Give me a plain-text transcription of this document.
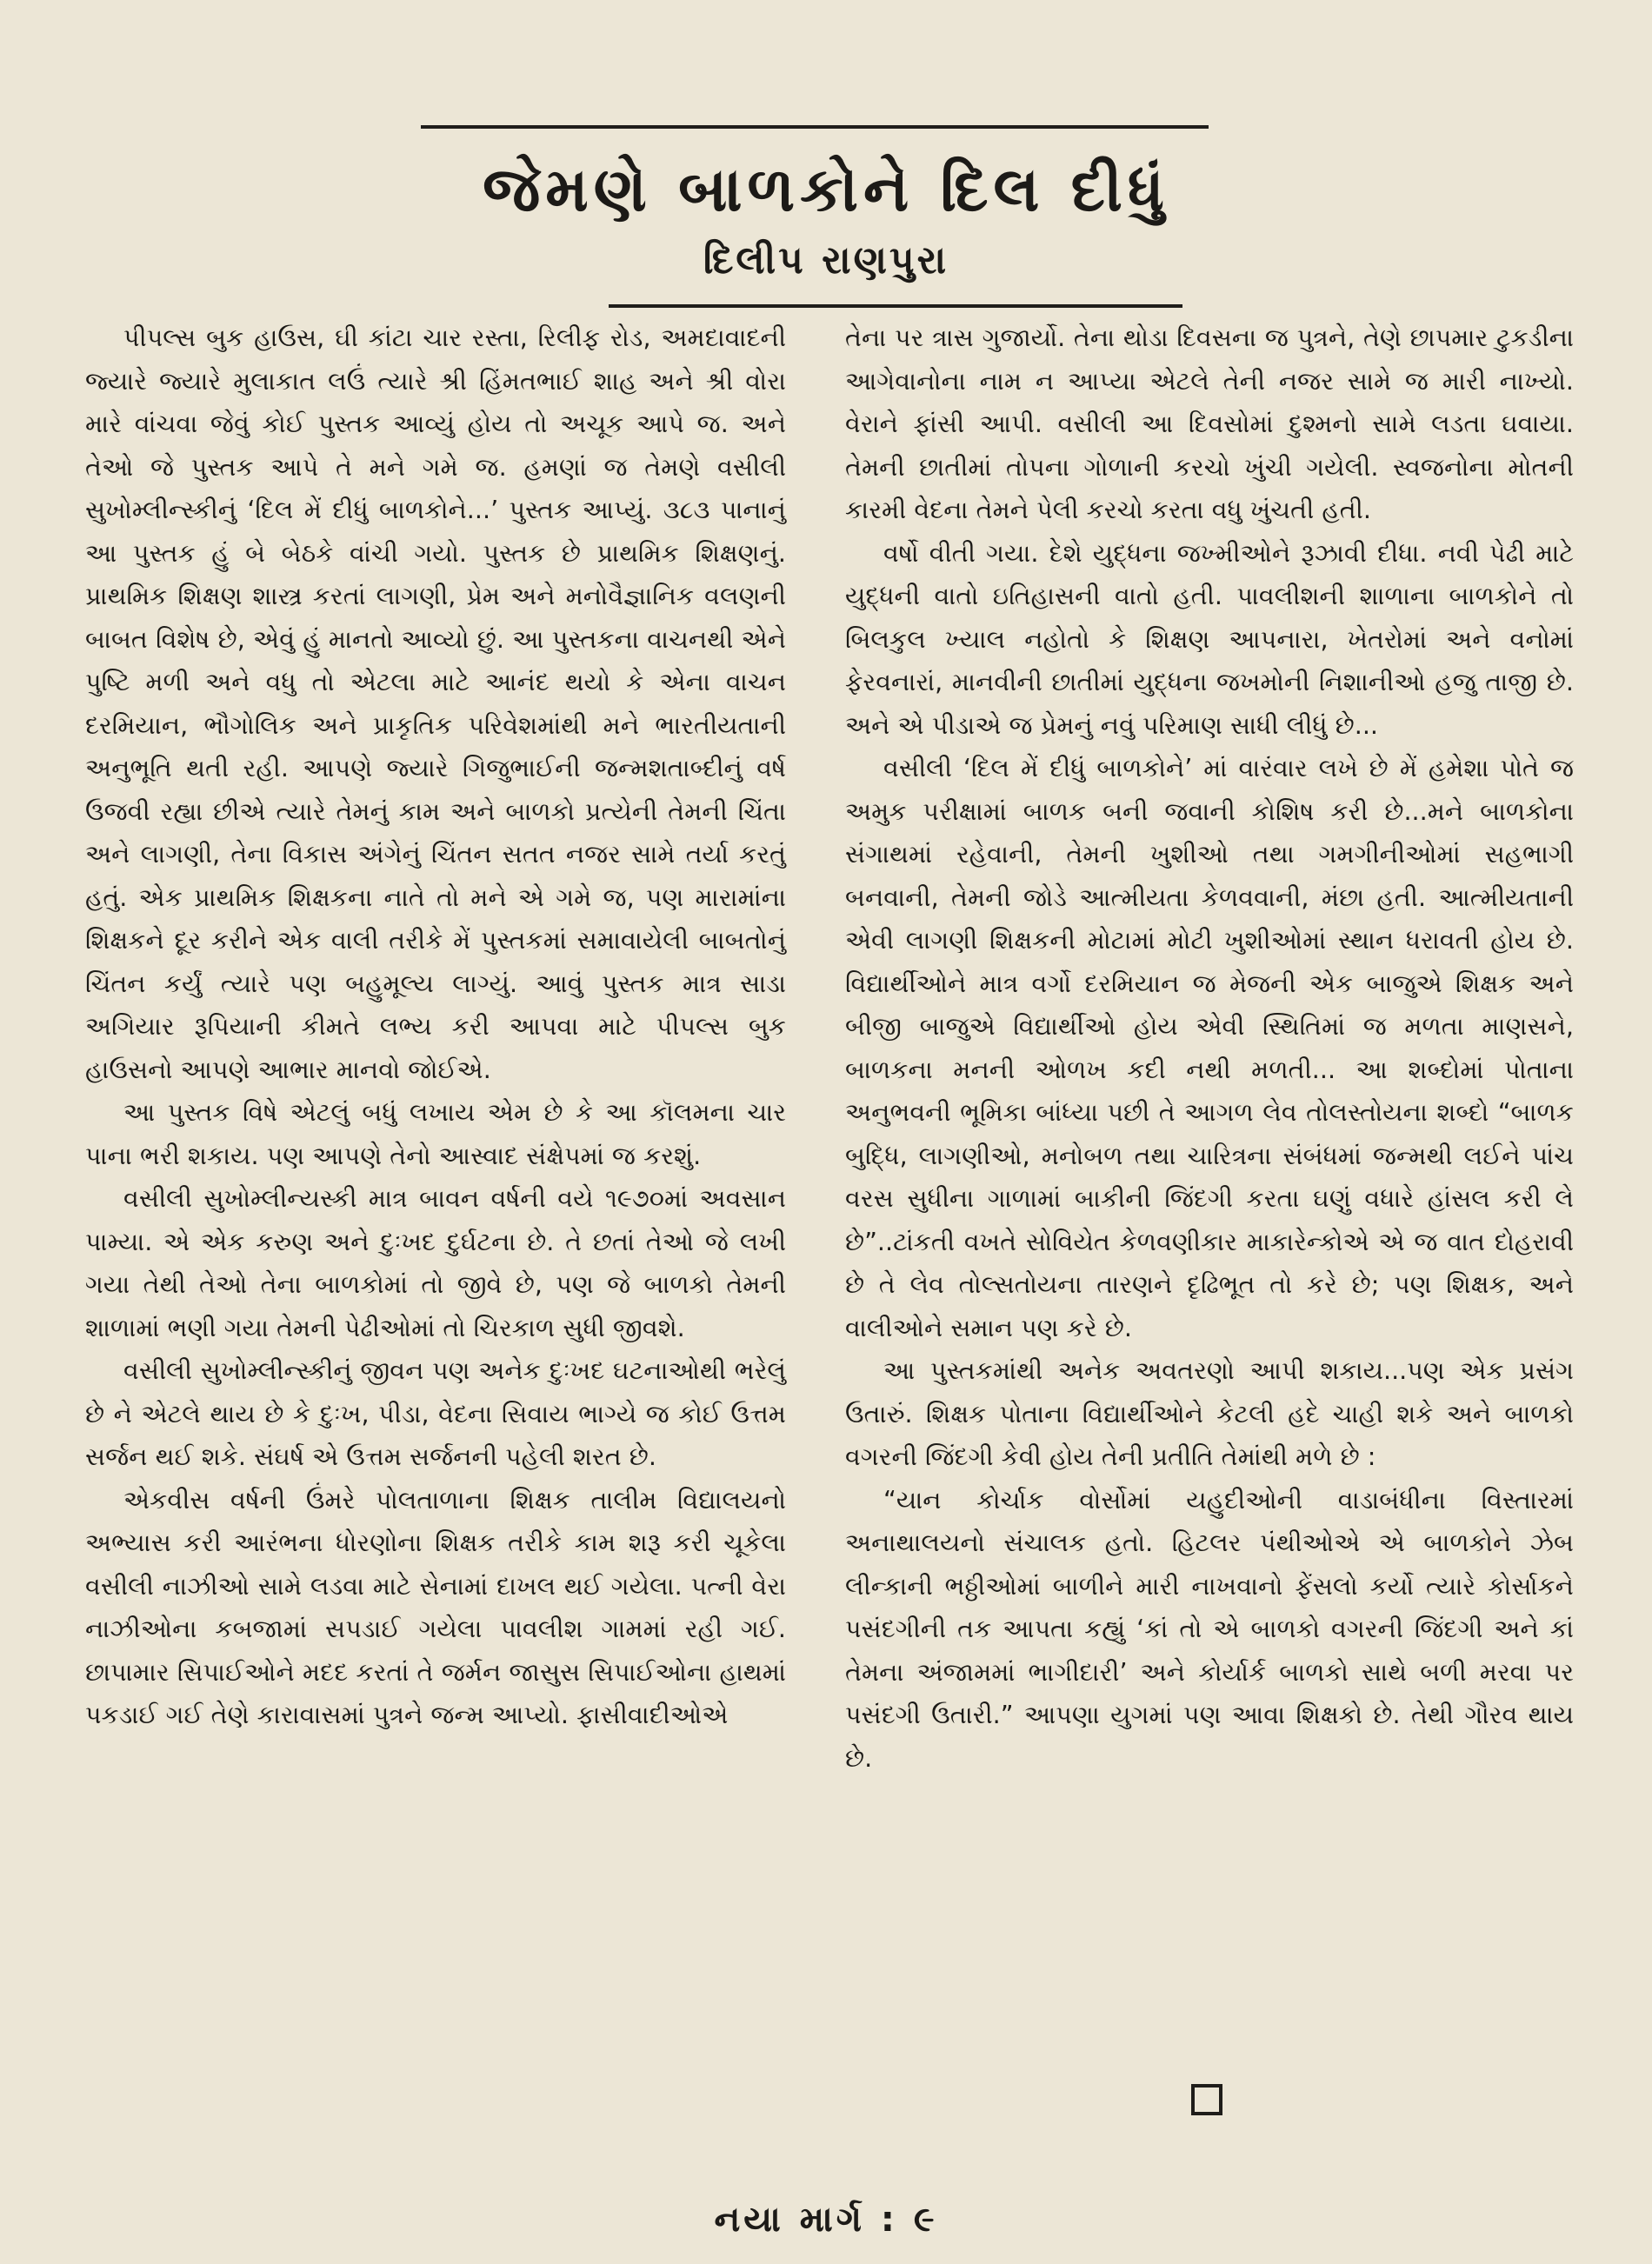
જેમણે બાળકોને દિલ દીધું
દિલીપ રાણપુરા

પીપલ્સ બુક હાઉસ, ઘી કાંટા ચાર રસ્તા, રિલીફ રોડ, અમદાવાદની જ્યારે જ્યારે મુલાકાત લઉં ત્યારે શ્રી હિંમતભાઈ શાહ અને શ્રી વોરા મારે વાંચવા જેવું કોઈ પુસ્તક આવ્યું હોય તો અચૂક આપે જ. અને તેઓ જે પુસ્તક આપે તે મને ગમે જ. હમણાં જ તેમણે વસીલી સુખોમ્લીન્સ્કીનું ‘દિલ મેં દીધું બાળકોને...’ પુસ્તક આપ્યું. ૩૮૩ પાનાનું આ પુસ્તક હું બે બેઠકે વાંચી ગયો. પુસ્તક છે પ્રાથમિક શિક્ષણનું. પ્રાથમિક શિક્ષણ શાસ્ત્ર કરતાં લાગણી, પ્રેમ અને મનોવૈજ્ઞાનિક વલણની બાબત વિશેષ છે, એવું હું માનતો આવ્યો છું. આ પુસ્તકના વાચનથી એને પુષ્ટિ મળી અને વધુ તો એટલા માટે આનંદ થયો કે એના વાચન દરમિયાન, ભૌગોલિક અને પ્રાકૃતિક પરિવેશમાંથી મને ભારતીયતાની અનુભૂતિ થતી રહી. આપણે જ્યારે ગિજુભાઈની જન્મશતાબ્દીનું વર્ષ ઉજવી રહ્યા છીએ ત્યારે તેમનું કામ અને બાળકો પ્રત્યેની તેમની ચિંતા અને લાગણી, તેના વિકાસ અંગેનું ચિંતન સતત નજર સામે તર્યા કરતું હતું. એક પ્રાથમિક શિક્ષકના નાતે તો મને એ ગમે જ, પણ મારામાંના શિક્ષકને દૂર કરીને એક વાલી તરીકે મેં પુસ્તકમાં સમાવાયેલી બાબતોનું ચિંતન કર્યું ત્યારે પણ બહુમૂલ્ય લાગ્યું. આવું પુસ્તક માત્ર સાડા અગિયાર રૂપિયાની કીમતે લભ્ય કરી આપવા માટે પીપલ્સ બુક હાઉસનો આપણે આભાર માનવો જોઈએ.

આ પુસ્તક વિષે એટલું બધું લખાય એમ છે કે આ કૉલમના ચાર પાના ભરી શકાય. પણ આપણે તેનો આસ્વાદ સંક્ષેપમાં જ કરશું.

વસીલી સુખોમ્લીન્યસ્કી માત્ર બાવન વર્ષની વયે ૧૯૭૦માં અવસાન પામ્યા. એ એક કરુણ અને દુઃખદ દુર્ઘટના છે. તે છતાં તેઓ જે લખી ગયા તેથી તેઓ તેના બાળકોમાં તો જીવે છે, પણ જે બાળકો તેમની શાળામાં ભણી ગયા તેમની પેઢીઓમાં તો ચિરકાળ સુધી જીવશે.

વસીલી સુખોમ્લીન્સ્કીનું જીવન પણ અનેક દુઃખદ ઘટનાઓથી ભરેલું છે ને એટલે થાય છે કે દુઃખ, પીડા, વેદના સિવાય ભાગ્યે જ કોઈ ઉત્તમ સર્જન થઈ શકે. સંઘર્ષ એ ઉત્તમ સર્જનની પહેલી શરત છે.

એકવીસ વર્ષની ઉંમરે પોલતાળાના શિક્ષક તાલીમ વિદ્યાલયનો અભ્યાસ કરી આરંભના ધોરણોના શિક્ષક તરીકે કામ શરૂ કરી ચૂકેલા વસીલી નાઝીઓ સામે લડવા માટે સેનામાં દાખલ થઈ ગયેલા. પત્ની વેરા નાઝીઓના કબજામાં સપડાઈ ગયેલા પાવલીશ ગામમાં રહી ગઈ. છાપામાર સિપાઈઓને મદદ કરતાં તે જર્મન જાસુસ સિપાઈઓના હાથમાં પકડાઈ ગઈ તેણે કારાવાસમાં પુત્રને જન્મ આપ્યો. ફાસીવાદીઓએ

તેના પર ત્રાસ ગુજાર્યો. તેના થોડા દિવસના જ પુત્રને, તેણે છાપમાર ટુકડીના આગેવાનોના નામ ન આપ્યા એટલે તેની નજર સામે જ મારી નાખ્યો. વેરાને ફાંસી આપી. વસીલી આ દિવસોમાં દુશ્મનો સામે લડતા ઘવાયા. તેમની છાતીમાં તોપના ગોળાની કરચો ખુંચી ગયેલી. સ્વજનોના મોતની કારમી વેદના તેમને પેલી કરચો કરતા વધુ ખુંચતી હતી.

વર્ષો વીતી ગયા. દેશે યુદ્ધના જખ્મીઓને રૂઝાવી દીધા. નવી પેઢી માટે યુદ્ધની વાતો ઇતિહાસની વાતો હતી. પાવલીશની શાળાના બાળકોને તો બિલકુલ ખ્યાલ નહોતો કે શિક્ષણ આપનારા, ખેતરોમાં અને વનોમાં ફેરવનારાં, માનવીની છાતીમાં યુદ્ધના જખમોની નિશાનીઓ હજુ તાજી છે. અને એ પીડાએ જ પ્રેમનું નવું પરિમાણ સાધી લીધું છે...

વસીલી ‘દિલ મેં દીધું બાળકોને’ માં વારંવાર લખે છે મેં હમેશા પોતે જ અમુક પરીક્ષામાં બાળક બની જવાની કોશિષ કરી છે...મને બાળકોના સંગાથમાં રહેવાની, તેમની ખુશીઓ તથા ગમગીનીઓમાં સહભાગી બનવાની, તેમની જોડે આત્મીયતા કેળવવાની, મંછા હતી. આત્મીયતાની એવી લાગણી શિક્ષકની મોટામાં મોટી ખુશીઓમાં સ્થાન ધરાવતી હોય છે. વિદ્યાર્થીઓને માત્ર વર્ગો દરમિયાન જ મેજની એક બાજુએ શિક્ષક અને બીજી બાજુએ વિદ્યાર્થીઓ હોય એવી સ્થિતિમાં જ મળતા માણસને, બાળકના મનની ઓળખ કદી નથી મળતી... આ શબ્દોમાં પોતાના અનુભવની ભૂમિકા બાંધ્યા પછી તે આગળ લેવ તોલસ્તોયના શબ્દો “બાળક બુદ્ધિ, લાગણીઓ, મનોબળ તથા ચારિત્રના સંબંધમાં જન્મથી લઈને પાંચ વરસ સુધીના ગાળામાં બાકીની જિંદગી કરતા ઘણું વધારે હાંસલ કરી લે છે”..ટાંકતી વખતે સોવિયેત કેળવણીકાર માકારેન્કોએ એ જ વાત દોહરાવી છે તે લેવ તોલ્સતોયના તારણને દૃઢિભૂત તો કરે છે; પણ શિક્ષક, અને વાલીઓને સમાન પણ કરે છે.

આ પુસ્તકમાંથી અનેક અવતરણો આપી શકાય...પણ એક પ્રસંગ ઉતારું. શિક્ષક પોતાના વિદ્યાર્થીઓને કેટલી હદે ચાહી શકે અને બાળકો વગરની જિંદગી કેવી હોય તેની પ્રતીતિ તેમાંથી મળે છે :

“યાન કોર્ચાક વોર્સોમાં યહુદીઓની વાડાબંધીના વિસ્તારમાં અનાથાલયનો સંચાલક હતો. હિટલર પંથીઓએ એ બાળકોને ઝેબ લીન્કાની ભઠ્ઠીઓમાં બાળીને મારી નાખવાનો ફેંસલો કર્યો ત્યારે કોર્સાકને પસંદગીની તક આપતા કહ્યું ‘કાં તો એ બાળકો વગરની જિંદગી અને કાં તેમના અંજામમાં ભાગીદારી’ અને કોર્યાર્ક બાળકો સાથે બળી મરવા પર પસંદગી ઉતારી.” આપણા યુગમાં પણ આવા શિક્ષકો છે. તેથી ગૌરવ થાય છે.

નયા માર્ગ : ૯
